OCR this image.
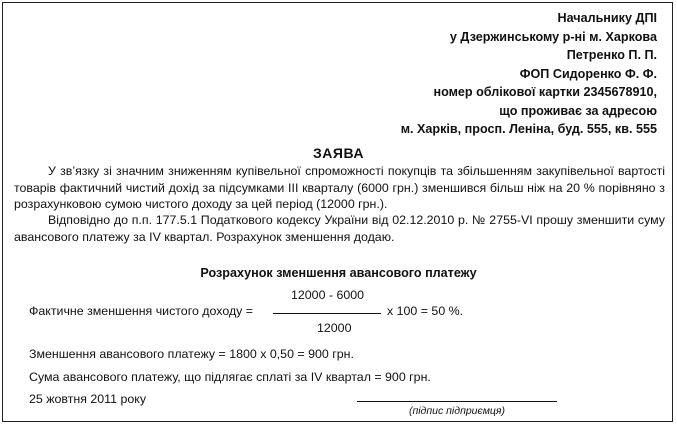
Начальнику ДПІ
у Дзержинському р-ні м. Харкова
Петренко П. П.
ФОП Сидоренко Ф. Ф.
номер облікової картки 2345678910,
що проживає за адресою
м. Харків, просп. Леніна, буд. 555, кв. 555
ЗАЯВА
У зв’язку зі значним зниженням купівельної спроможності покупців та збільшенням закупівельної вартості товарів фактичний чистий дохід за підсумками ІІІ кварталу (6000 грн.) зменшився більш ніж на 20 % порівняно з розрахунковою сумою чистого доходу за цей період (12000 грн.).
Відповідно до п.п. 177.5.1 Податкового кодексу України від 02.12.2010 р. № 2755-VI прошу зменшити суму авансового платежу за IV квартал. Розрахунок зменшення додаю.
Розрахунок зменшення авансового платежу
Фактичне зменшення чистого доходу =
12000 - 6000
12000
x 100 = 50 %.
Зменшення авансового платежу = 1800 х 0,50 = 900 грн.
Сума авансового платежу, що підлягає сплаті за IV квартал = 900 грн.
25 жовтня 2011 року
(підпис підприємця)
